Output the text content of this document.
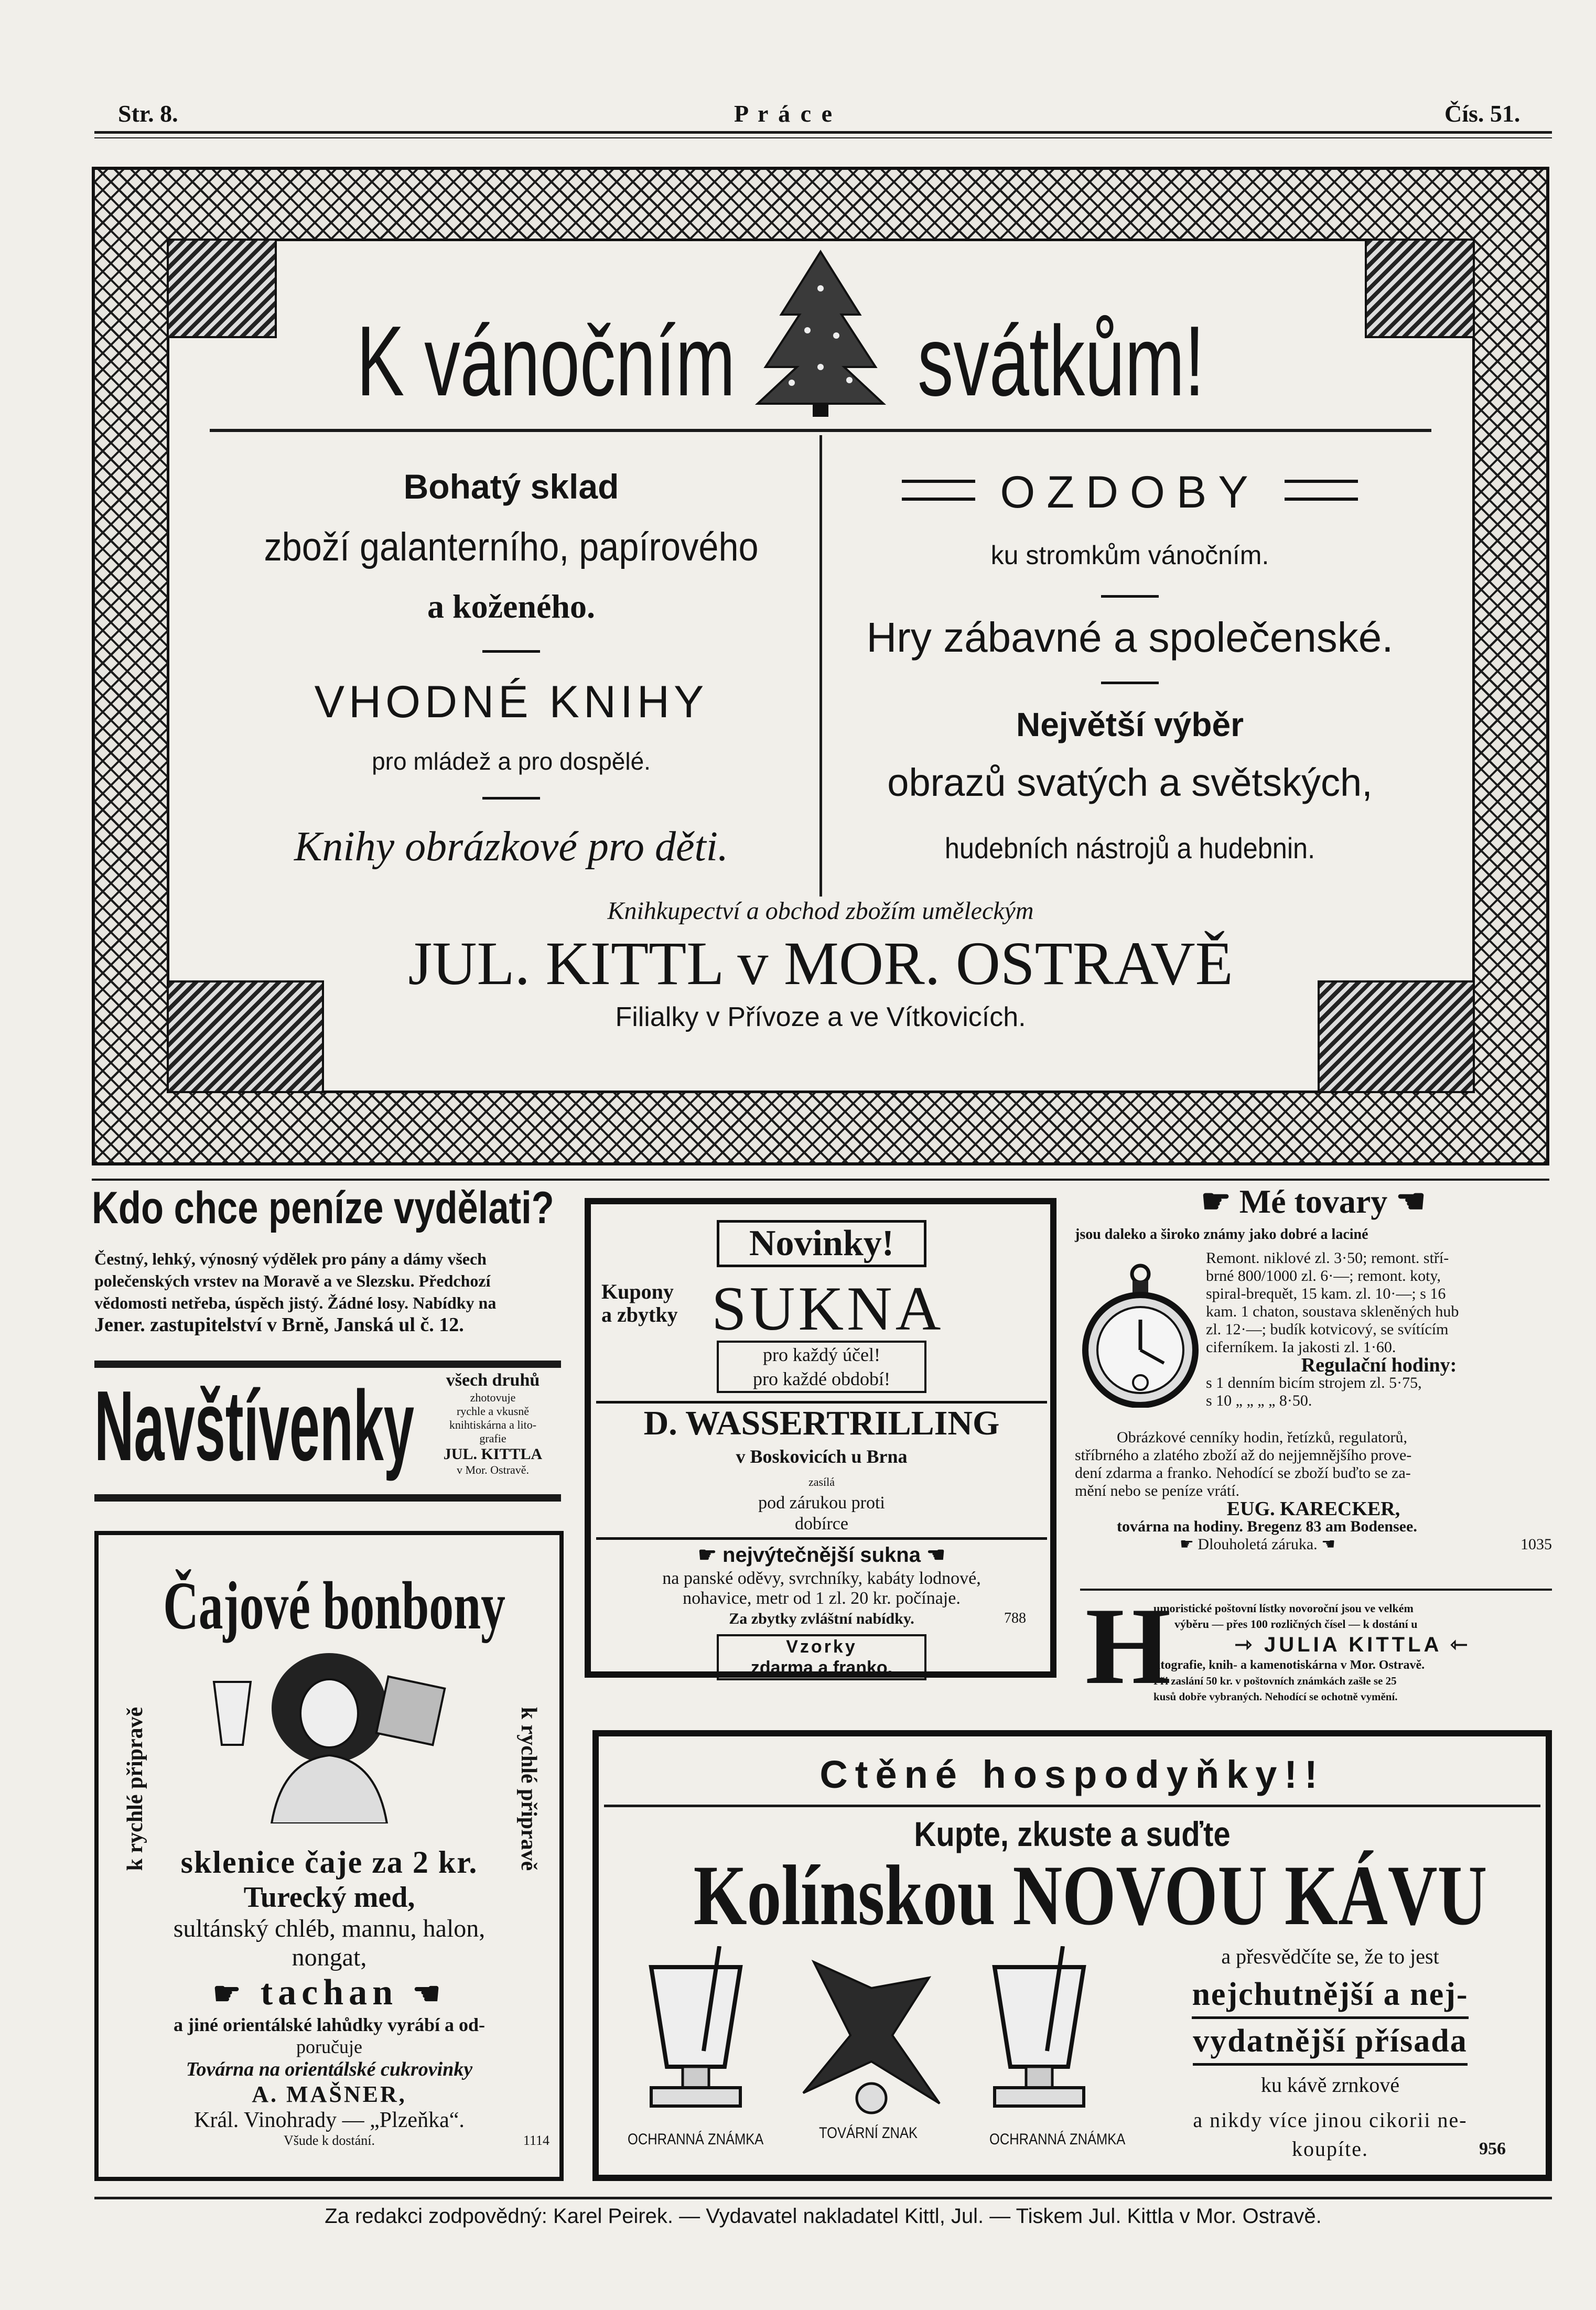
Str. 8.	P r á c e	Čís. 51.
K vánočním svátkům!
Bohatý sklad
zboží galanterního, papírového
a koženého.
VHODNÉ KNIHY
pro mládež a pro dospělé.
Knihy obrázkové pro děti.
OZDOBY
ku stromkům vánočním.
Hry zábavné a společenské.
Největší výběr
obrazů svatých a světských,
hudebních nástrojů a hudebnin.
Knihkupectví a obchod zbožím uměleckým
JUL. KITTL v MOR. OSTRAVĚ
Filialky v Přívoze a ve Vítkovicích.
Kdo chce peníze vydělati?
Čestný, lehký, výnosný výdělek pro pány a dámy všech
polečenských vrstev na Moravě a ve Slezsku. Předchozí
vědomosti netřeba, úspěch jistý. Žádné losy. Nabídky na
Jener. zastupitelství v Brně, Janská ul č. 12.
Navštívenky	všech druhů
zhotovuje
rychle a vkusně
knihtiskárna a lito-
grafie
JUL. KITTLA
v Mor. Ostravě.
Čajové bonbony
k rychlé připravě	k rychlé připravě
sklenice čaje za 2 kr.
Turecký med,
sultánský chléb, mannu, halon,
nongat,
☛ tachan ☚
a jiné orientálské lahůdky vyrábí a od-
poručuje
Továrna na orientálské cukrovinky
A. MAŠNER,
Král. Vinohrady — „Plzeňka“.
Všude k dostání.	1114
Novinky!
Kupony
a zbytky SUKNA
pro každý účel!
pro každé období!
D. WASSERTRILLING
v Boskovicích u Brna
zasílá
pod zárukou proti
dobírce
☛ nejvýtečnější sukna ☚
na panské oděvy, svrchníky, kabáty lodnové,
nohavice, metr od 1 zl. 20 kr. počínaje.
Za zbytky zvláštní nabídky.	788
Vzorky
zdarma a franko.
☛ Mé tovary ☚
jsou daleko a široko známy jako dobré a laciné
Remont. niklové zl. 3·50; remont. stří-
brné 800/1000 zl. 6·—; remont. koty,
spiral-brequět, 15 kam. zl. 10·—; s 16
kam. 1 chaton, soustava skleněných hub
zl. 12·—; budík kotvicový, se svítícím
ciferníkem. Ia jakosti zl. 1·60.
Regulační hodiny:
s 1 denním bicím strojem zl. 5·75,
s 10 „ „ „ „ 8·50.
Obrázkové cenníky hodin, řetízků, regulatorů,
stříbrného a zlatého zboží až do nejjemnějšího prove-
dení zdarma a franko. Nehodící se zboží buďto se za-
mění nebo se peníze vrátí.
EUG. KARECKER,
továrna na hodiny. Bregenz 83 am Bodensee.
☛ Dlouholetá záruka. ☚	1035
H
umoristické poštovní lístky novoroční jsou ve velkém
výběru — přes 100 rozličných čísel — k dostání u
⇾ JULIA KITTLA ⇽
litografie, knih- a kamenotiskárna v Mor. Ostravě.
Při zaslání 50 kr. v poštovních známkách zašle se 25
kusů dobře vybraných. Nehodící se ochotně vymění.
Ctěné hospodyňky!!
Kupte, zkuste a suďte
Kolínskou NOVOU KÁVU
OCHRANNÁ ZNÁMKA	TOVÁRNÍ ZNAK	OCHRANNÁ ZNÁMKA
a přesvědčíte se, že to jest
nejchutnější a nej- vydatnější přísada
ku kávě zrnkové
a nikdy více jinou cikorii ne-
koupíte.	956
Za redakci zodpovědný: Karel Peirek. — Vydavatel nakladatel Kittl, Jul. — Tiskem Jul. Kittla v Mor. Ostravě.
